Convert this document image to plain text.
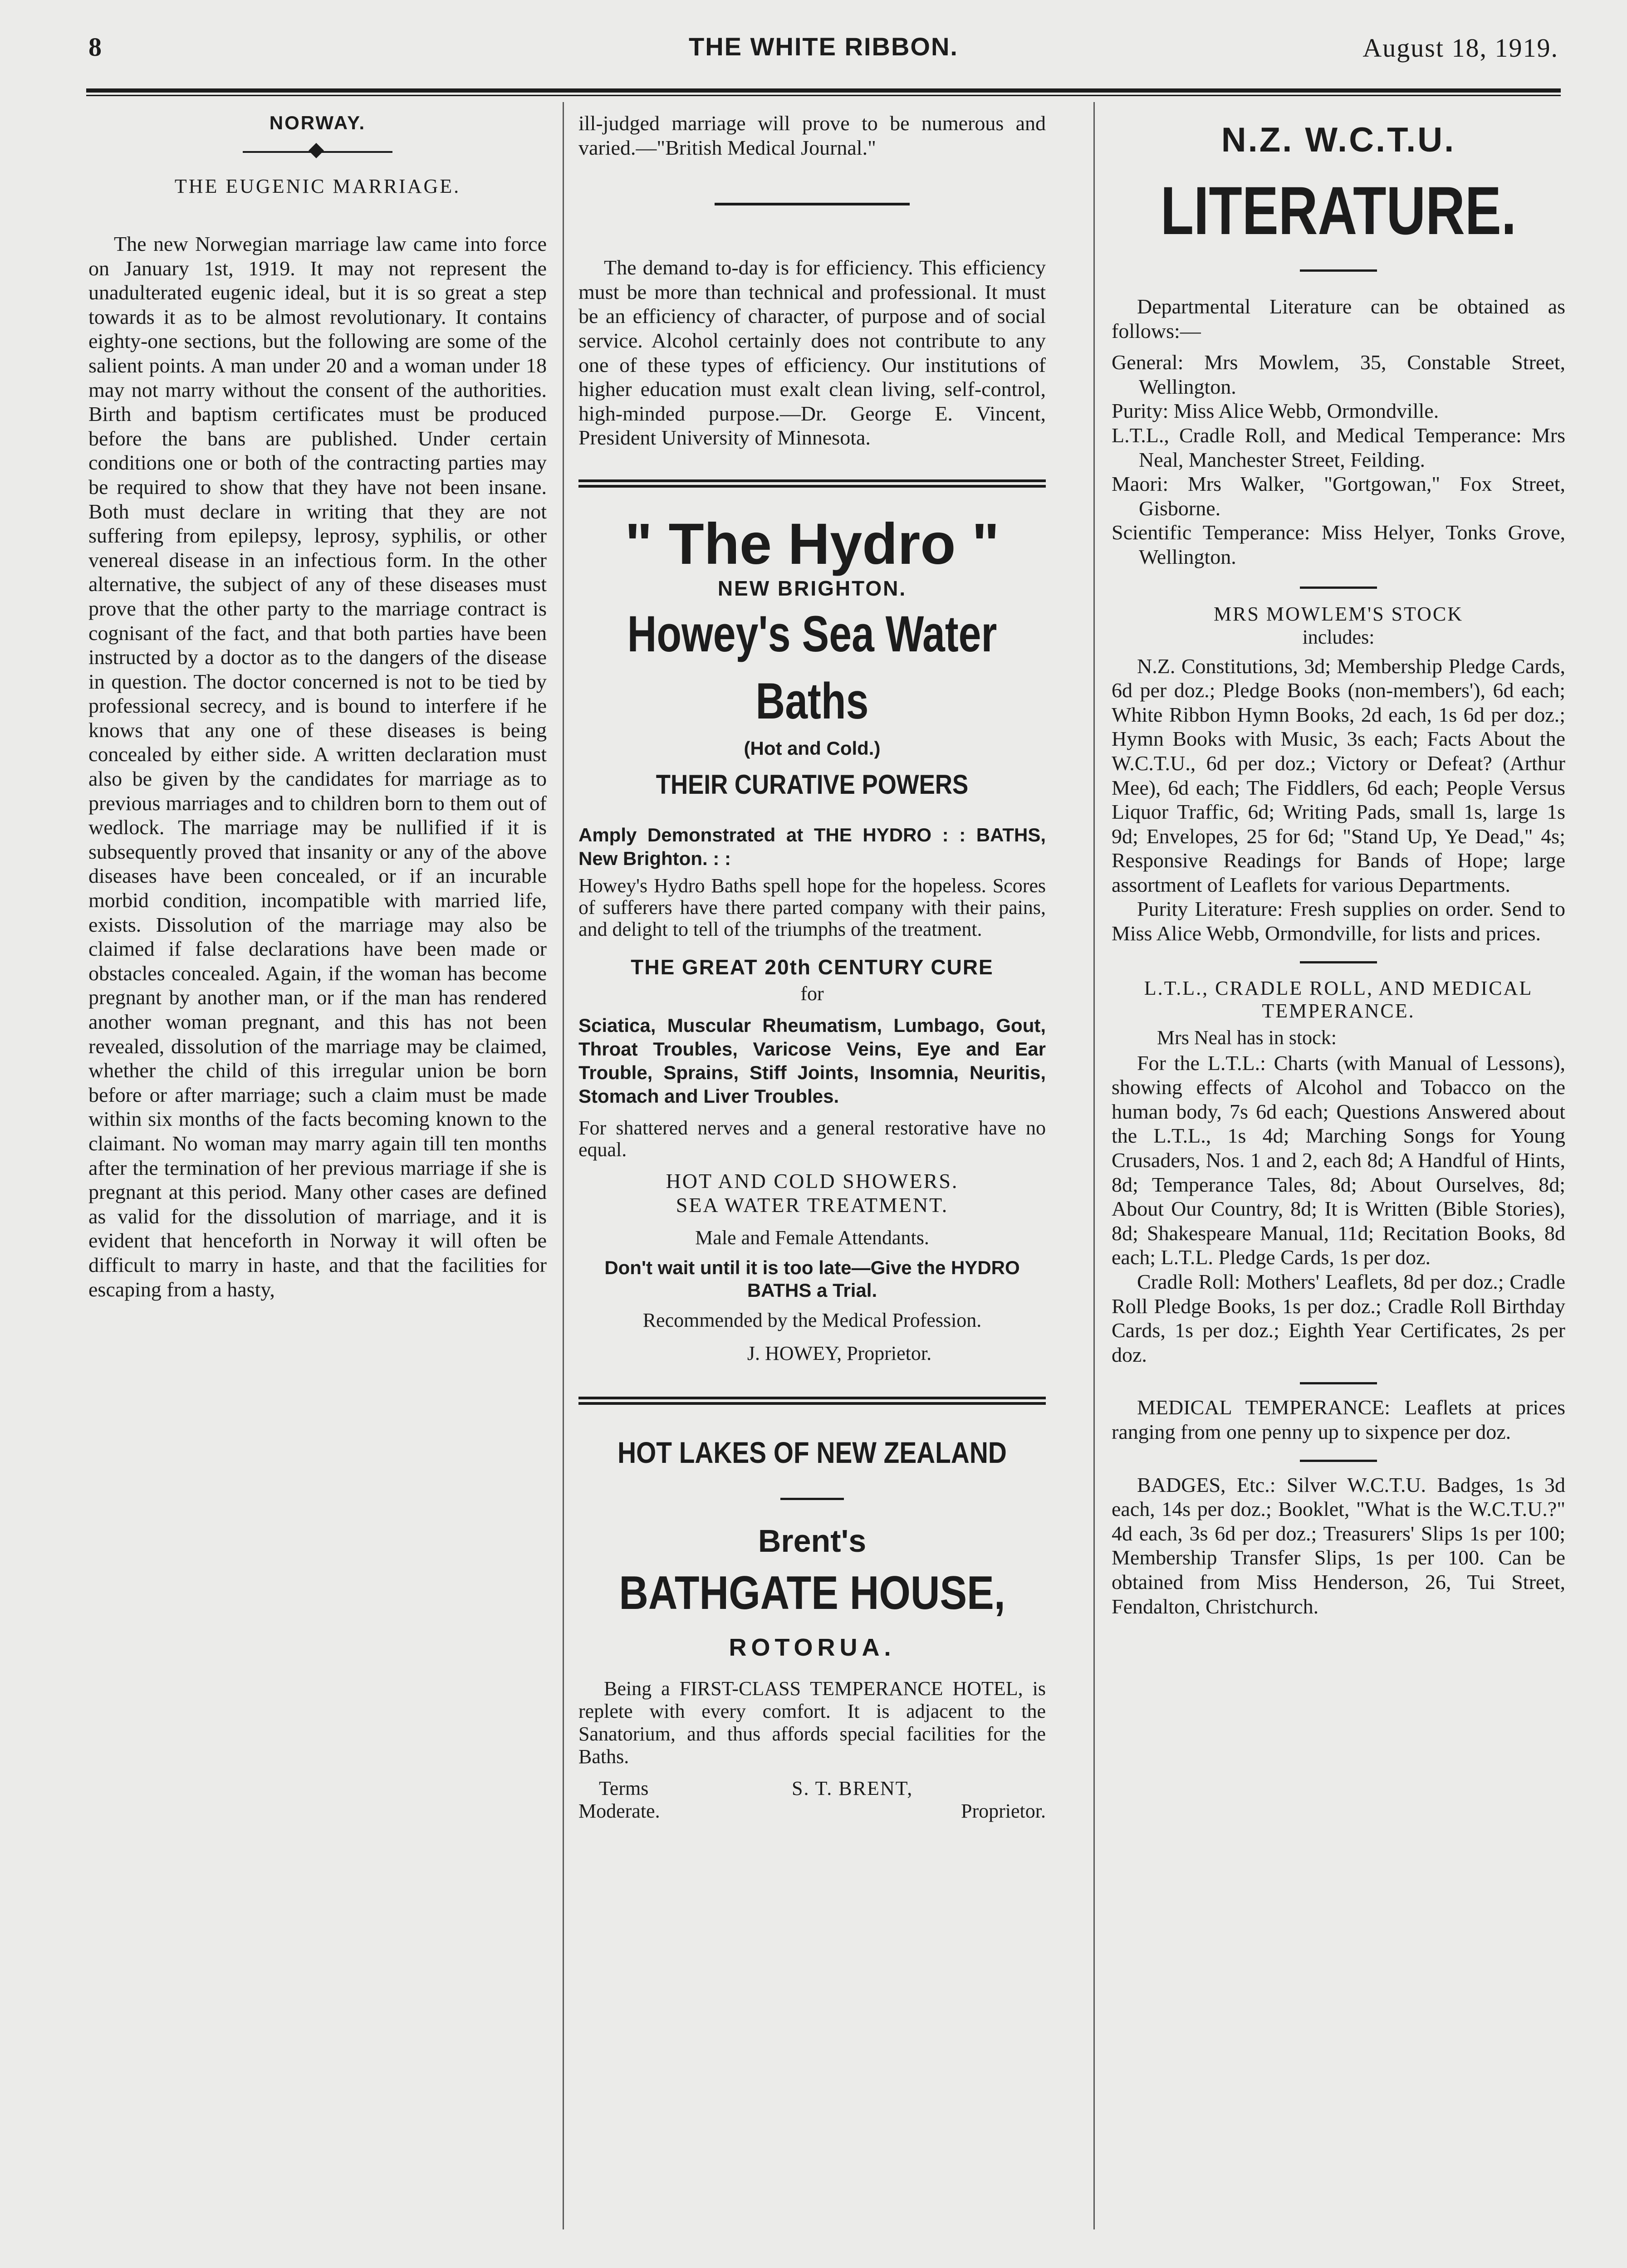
8	THE WHITE RIBBON.	August 18, 1919.
NORWAY.
THE EUGENIC MARRIAGE.

The new Norwegian marriage law came into force on January 1st, 1919. It may not represent the unadulterated eugenic ideal, but it is so great a step towards it as to be almost revolutionary. It contains eighty-one sections, but the following are some of the salient points. A man under 20 and a woman under 18 may not marry without the consent of the authorities. Birth and baptism certificates must be produced before the bans are published. Under certain conditions one or both of the contracting parties may be required to show that they have not been insane. Both must declare in writing that they are not suffering from epilepsy, leprosy, syphilis, or other venereal disease in an infectious form. In the other alternative, the subject of any of these diseases must prove that the other party to the marriage contract is cognisant of the fact, and that both parties have been instructed by a doctor as to the dangers of the disease in question. The doctor concerned is not to be tied by professional secrecy, and is bound to interfere if he knows that any one of these diseases is being concealed by either side. A written declaration must also be given by the candidates for marriage as to previous marriages and to children born to them out of wedlock. The marriage may be nullified if it is subsequently proved that insanity or any of the above diseases have been concealed, or if an incurable morbid condition, incompatible with married life, exists. Dissolution of the marriage may also be claimed if false declarations have been made or obstacles concealed. Again, if the woman has become pregnant by another man, or if the man has rendered another woman pregnant, and this has not been revealed, dissolution of the marriage may be claimed, whether the child of this irregular union be born before or after marriage; such a claim must be made within six months of the facts becoming known to the claimant. No woman may marry again till ten months after the termination of her previous marriage if she is pregnant at this period. Many other cases are defined as valid for the dissolution of marriage, and it is evident that henceforth in Norway it will often be difficult to marry in haste, and that the facilities for escaping from a hasty,

ill-judged marriage will prove to be numerous and varied.—"British Medical Journal."

The demand to-day is for efficiency. This efficiency must be more than technical and professional. It must be an efficiency of character, of purpose and of social service. Alcohol certainly does not contribute to any one of these types of efficiency. Our institutions of higher education must exalt clean living, self-control, high-minded purpose.—Dr. George E. Vincent, President University of Minnesota.

" The Hydro "
NEW BRIGHTON.
Howey's Sea Water Baths
(Hot and Cold.)
THEIR CURATIVE POWERS

Amply Demonstrated at THE HYDRO : : BATHS, New Brighton. : :

Howey's Hydro Baths spell hope for the hopeless. Scores of sufferers have there parted company with their pains, and delight to tell of the triumphs of the treatment.

THE GREAT 20th CENTURY CURE
for

Sciatica, Muscular Rheumatism, Lumbago, Gout, Throat Troubles, Varicose Veins, Eye and Ear Trouble, Sprains, Stiff Joints, Insomnia, Neuritis, Stomach and Liver Troubles.

For shattered nerves and a general restorative have no equal.

HOT AND COLD SHOWERS.
SEA WATER TREATMENT.
Male and Female Attendants.

Don't wait until it is too late—Give the HYDRO BATHS a Trial.

Recommended by the Medical Profession.

J. HOWEY, Proprietor.
HOT LAKES OF NEW ZEALAND
Brent's
BATHGATE HOUSE,
ROTORUA.

Being a FIRST-CLASS TEMPERANCE HOTEL, is replete with every comfort. It is adjacent to the Sanatorium, and thus affords special facilities for the Baths.

Terms
Moderate.
S. T. BRENT,
Proprietor.
N.Z. W.C.T.U.
LITERATURE.

Departmental Literature can be obtained as follows:—

General: Mrs Mowlem, 35, Constable Street, Wellington.

Purity: Miss Alice Webb, Ormondville.

L.T.L., Cradle Roll, and Medical Temperance: Mrs Neal, Manchester Street, Feilding.

Maori: Mrs Walker, "Gortgowan," Fox Street, Gisborne.

Scientific Temperance: Miss Helyer, Tonks Grove, Wellington.

MRS MOWLEM'S STOCK
includes:

N.Z. Constitutions, 3d; Membership Pledge Cards, 6d per doz.; Pledge Books (non-members'), 6d each; White Ribbon Hymn Books, 2d each, 1s 6d per doz.; Hymn Books with Music, 3s each; Facts About the W.C.T.U., 6d per doz.; Victory or Defeat? (Arthur Mee), 6d each; The Fiddlers, 6d each; People Versus Liquor Traffic, 6d; Writing Pads, small 1s, large 1s 9d; Envelopes, 25 for 6d; "Stand Up, Ye Dead," 4s; Responsive Readings for Bands of Hope; large assortment of Leaflets for various Departments.

Purity Literature: Fresh supplies on order. Send to Miss Alice Webb, Ormondville, for lists and prices.

L.T.L., CRADLE ROLL, AND MEDICAL TEMPERANCE.

Mrs Neal has in stock:

For the L.T.L.: Charts (with Manual of Lessons), showing effects of Alcohol and Tobacco on the human body, 7s 6d each; Questions Answered about the L.T.L., 1s 4d; Marching Songs for Young Crusaders, Nos. 1 and 2, each 8d; A Handful of Hints, 8d; Temperance Tales, 8d; About Ourselves, 8d; About Our Country, 8d; It is Written (Bible Stories), 8d; Shakespeare Manual, 11d; Recitation Books, 8d each; L.T.L. Pledge Cards, 1s per doz.

Cradle Roll: Mothers' Leaflets, 8d per doz.; Cradle Roll Pledge Books, 1s per doz.; Cradle Roll Birthday Cards, 1s per doz.; Eighth Year Certificates, 2s per doz.

MEDICAL TEMPERANCE: Leaflets at prices ranging from one penny up to sixpence per doz.

BADGES, Etc.: Silver W.C.T.U. Badges, 1s 3d each, 14s per doz.; Booklet, "What is the W.C.T.U.?" 4d each, 3s 6d per doz.; Treasurers' Slips 1s per 100; Membership Transfer Slips, 1s per 100. Can be obtained from Miss Henderson, 26, Tui Street, Fendalton, Christchurch.
